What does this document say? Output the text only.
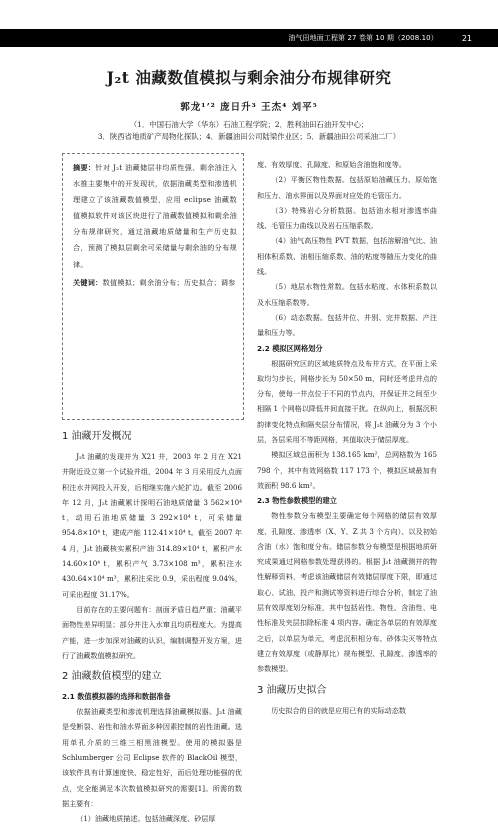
油气田地面工程第 27 卷第 10 期（2008.10）	21
J₂t 油藏数值模拟与剩余油分布规律研究
郭龙¹ʼ² 庞日升³ 王杰⁴ 刘平⁵
（1．中国石油大学（华东）石油工程学院；2．胜利油田石油开发中心；
3．陕西省地质矿产局物化探队；4．新疆油田公司陆梁作业区；5．新疆油田公司采油二厂）

摘要：针对 J₂t 油藏储层非均质性强、剩余油注入水推主要集中的开发现状，依据油藏类型和渗透机理建立了该油藏数值模型，应用 eclipse 油藏数值模拟软件对该区块进行了油藏数值模拟和剩余油分布规律研究，通过油藏地质储量和生产历史拟合，预测了模拟层剩余可采储量与剩余油的分布规律。

关键词：数值模拟；剩余油分布；历史拟合；调参

1 油藏开发概况

J₂t 油藏的发现井为 X21 井，2003 年 2 月在 X21 井附近设立第一个试验井组，2004 年 3 月采用反九点面积注水井网投入开发，后相继实施六轮扩边。截至 2006 年 12 月，J₂t 油藏累计探明石油地质储量 3 562×10⁴ t，动用石油地质储量 3 292×10⁴ t，可采储量 954.8×10⁴ t，建成产能 112.41×10⁴ t。截至 2007 年 4 月，J₂t 油藏核实累积产油 314.89×10⁴ t，累积产水 14.60×10⁴ t，累积产气 3.73×108 m³，累积注水 430.64×10⁴ m³，累积注采比 0.9，采出程度 9.04%，可采出程度 31.17%。

目前存在的主要问题有：剖面矛盾日趋严重；油藏平面物性差异明显；部分井注入水窜且均质程度大。为提高产能，进一步加深对油藏的认识，编制调整开发方案，进行了油藏数值模拟研究。

2 油藏数值模型的建立
2.1 数值模拟器的选择和数据准备

依据油藏类型和渗流机理选择油藏模拟器。J₂t 油藏是受断裂、岩性和油水界面多种因素控制的岩性油藏。选用单孔介质的三维三相黑油模型。使用的模拟器是 Schlumberger 公司 Eclipse 软件的 BlackOil 模型，该软件具有计算速度快、稳定性好，而后处理功能强的优点，完全能满足本次数值模拟研究的需要[1]。所需的数据主要有：

（1）油藏地质描述。包括油藏深度、砂层厚

度、有效厚度、孔隙度、和原始含油饱和度等。

（2）平衡区物性数据。包括原始油藏压力、原始饱和压力、油水界面以及界面对应处的毛管压力。

（3）特殊岩心分析数据。包括油水相对渗透率曲线、毛管压力曲线以及岩石压缩系数。

（4）油气高压物性 PVT 数据，包括溶解油气比、油相体积系数、油相压缩系数、油的粘度等随压力变化的曲线。

（5）地层水物性常数。包括水粘度、水体积系数以及水压缩系数等。

（6）动态数据。包括井位、井别、完井数据、产注量和压力等。

2.2 模拟区网格划分

根据研究区的区域地质特点及布井方式，在平面上采取均匀步长，网格步长为 50×50 m，同时还考虑井点的分布，使每一井点位于不同的节点内，井保证井之间至少相隔 1 个网格以降低井间直接干扰。在纵向上，根据沉积韵律变化特点和隔夹层分布情况，将 J₂t 油藏分为 3 个小层，各层采用不等距网格，其值取决于储层厚度。

模拟区域总面积为 138.165 km²，总网格数为 165 798 个，其中有效网格数 117 173 个，模拟区域最加有效面积 98.6 km²。

2.3 物性参数模型的建立

物性参数分布模型主要确定每个网格的储层有效厚度、孔隙度、渗透率（X、Y、Z 共 3 个方向）、以及初始含油（水）饱和度分布。储层参数分布模型是根据地质研究成果通过网格参数处理获得的。根据 J₂t 油藏测井的物性解释资料，考虑该油藏储层有效储层厚度下限，即通过取心、试油、投产和测试等资料进行综合分析，制定了油层有效厚度划分标准，其中包括岩性、物性、含油性、电性标准及夹层扣除标准 4 项内容。确定各单层的有效厚度之后，以单层为单元，考虑沉积相分布、砂体尖灭等特点建立有效厚度（或静厚比）规布模型、孔隙度、渗透率的参数模型。

3 油藏历史拟合

历史拟合的目的就是应用已有的实际动态数
